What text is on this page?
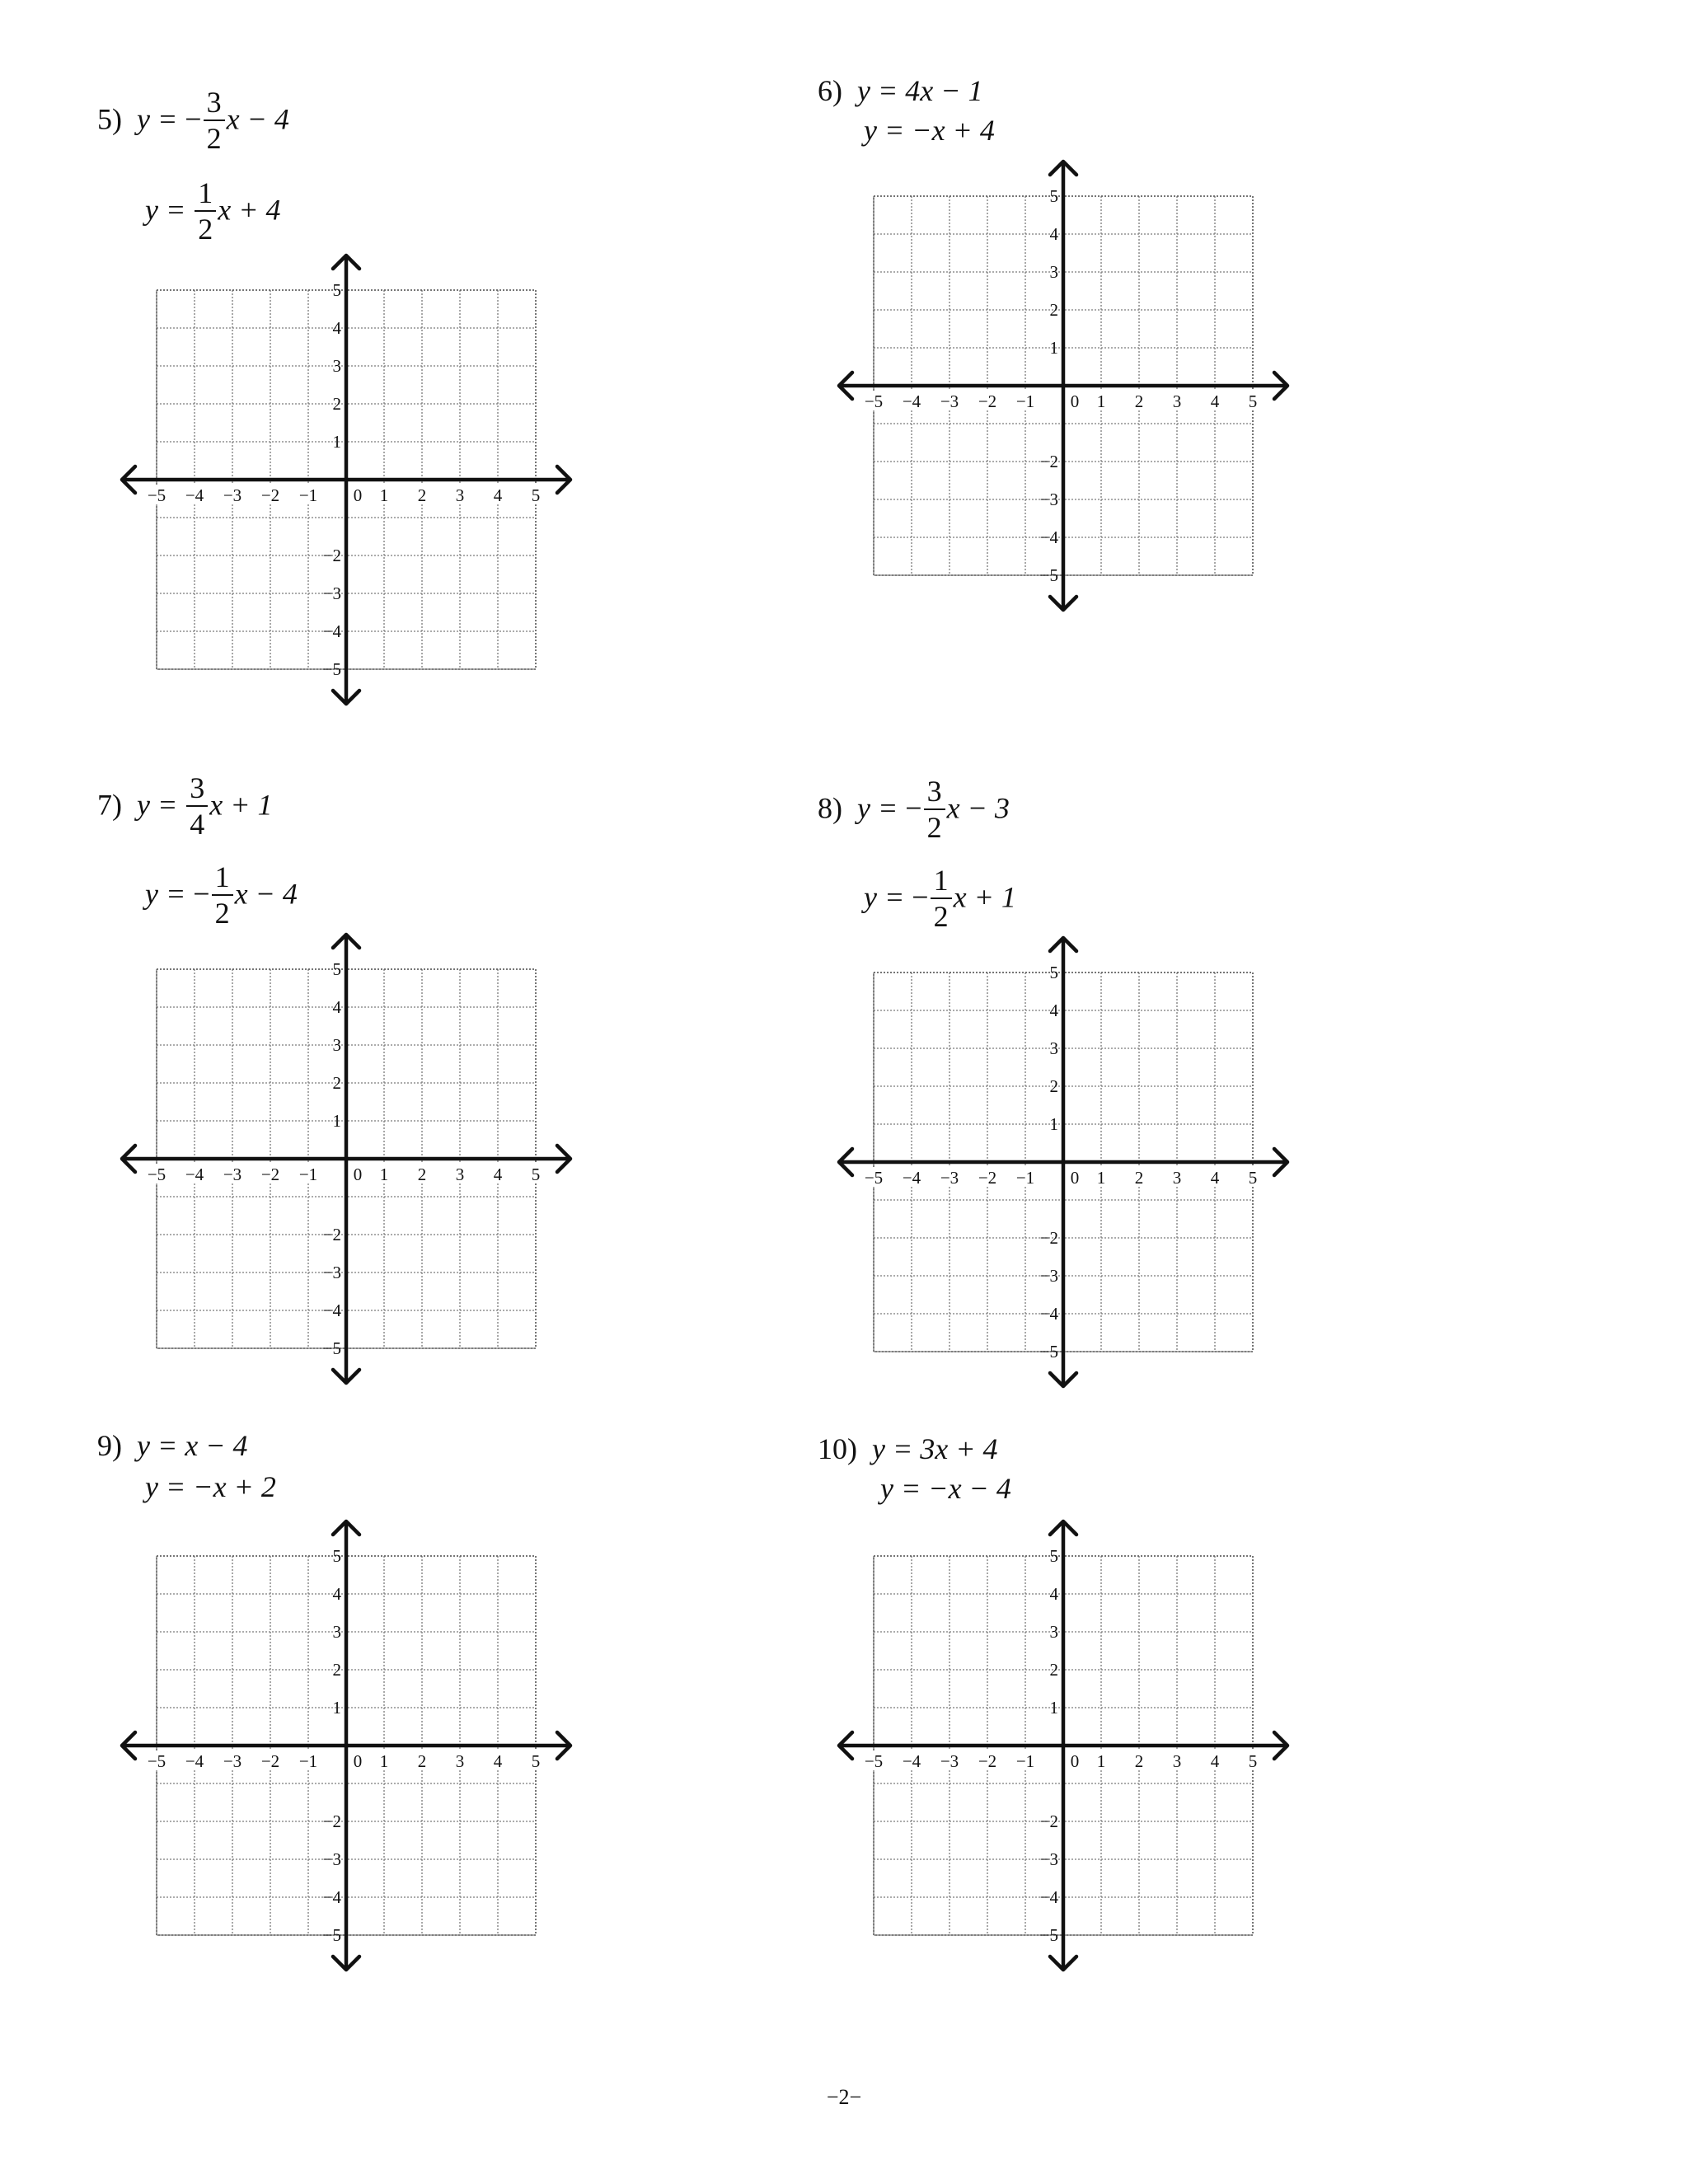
5) y = − $\frac{3}{2}$ x − 4
$y = \frac{1}{2}$ x + 4
6) y = 4x − 1
y = −x + 4
7) $y = \frac{3}{4}$ x + 1
y = − $\frac{1}{2}$ x − 4
8) y = − $\frac{3}{2}$ x − 3
y = − $\frac{1}{2}$ x + 1
9) y = x − 4
y = −x + 2
10) y = 3x + 4
y = −x − 4
−5 −4 −3 −2 −1 0 1 2 3 4 5
1
2
3
4
5
−2
−3
−4
−5
−5 −4 −3 −2 −1 0 1 2 3 4 5
1
2
3
4
5
−2
−3
−4
−5
−5 −4 −3 −2 −1 0 1 2 3 4 5
1
2
3
4
5
−2
−3
−4
−5
−5 −4 −3 −2 −1 0 1 2 3 4 5
1
2
3
4
5
−2
−3
−4
−5
−5 −4 −3 −2 −1 0 1 2 3 4 5
1
2
3
4
5
−2
−3
−4
−5
−5 −4 −3 −2 −1 0 1 2 3 4 5
1
2
3
4
5
−2
−3
−4
−5
−2−
